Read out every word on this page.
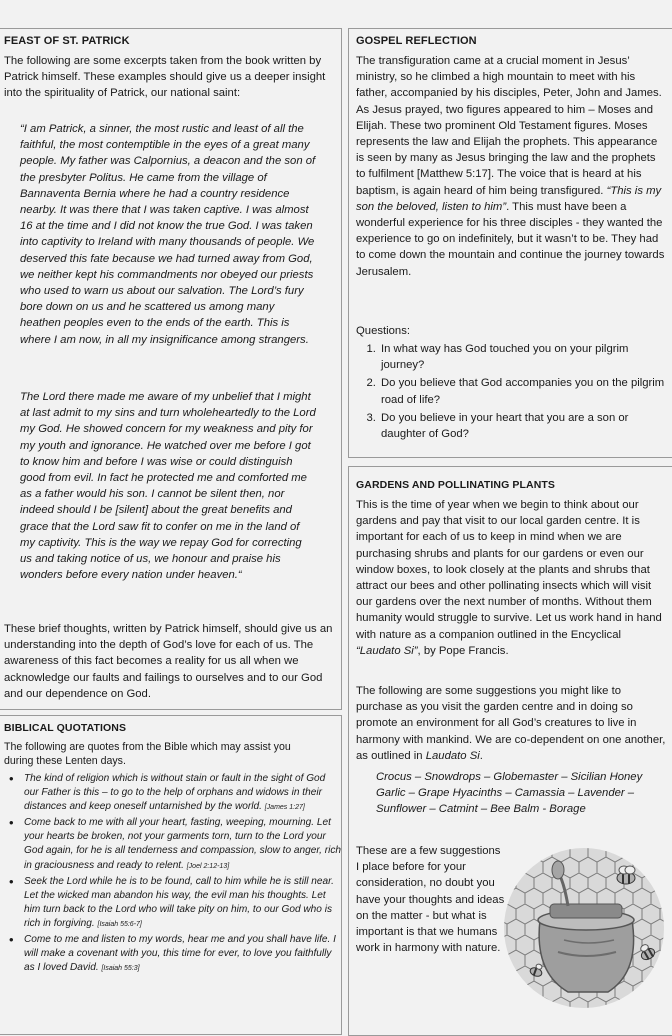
FEAST OF ST. PATRICK

The following are some excerpts taken from the book written by Patrick himself. These examples should give us a deeper insight into the spirituality of Patrick, our national saint:

“I am Patrick, a sinner, the most rustic and least of all the faithful, the most contemptible in the eyes of a great many people. My father was Calpornius, a deacon and the son of the presbyter Politus. He came from the village of Bannaventa Bernia where he had a country residence nearby. It was there that I was taken captive. I was almost 16 at the time and I did not know the true God. I was taken into captivity to Ireland with many thousands of people. We deserved this fate because we had turned away from God, we neither kept his commandments nor obeyed our priests who used to warn us about our salvation. The Lord’s fury bore down on us and he scattered us among many heathen peoples even to the ends of the earth. This is where I am now, in all my insignificance among strangers.

The Lord there made me aware of my unbelief that I might at last admit to my sins and turn wholeheartedly to the Lord my God. He showed concern for my weakness and pity for my youth and ignorance. He watched over me before I got to know him and before I was wise or could distinguish good from evil. In fact he protected me and comforted me as a father would his son. I cannot be silent then, nor indeed should I be [silent] about the great benefits and grace that the Lord saw fit to confer on me in the land of my captivity. This is the way we repay God for correcting us and taking notice of us, we honour and praise his wonders before every nation under heaven.“

These brief thoughts, written by Patrick himself, should give us an understanding into the depth of God’s love for each of us. The awareness of this fact becomes a reality for us all when we acknowledge our faults and failings to ourselves and to our God and our dependence on God.

BIBLICAL QUOTATIONS

The following are quotes from the Bible which may assist you during these Lenten days.

• The kind of religion which is without stain or fault in the sight of God our Father is this – to go to the help of orphans and widows in their distances and keep oneself untarnished by the world. [James 1:27]
• Come back to me with all your heart, fasting, weeping, mourning. Let your hearts be broken, not your garments torn, turn to the Lord your God again, for he is all tenderness and compassion, slow to anger, rich in graciousness and ready to relent. [Joel 2:12-13]
• Seek the Lord while he is to be found, call to him while he is still near. Let the wicked man abandon his way, the evil man his thoughts. Let him turn back to the Lord who will take pity on him, to our God who is rich in forgiving. [Isaiah 55:6-7]
• Come to me and listen to my words, hear me and you shall have life. I will make a covenant with you, this time for ever, to love you faithfully as I loved David. [Isaiah 55:3]
GOSPEL REFLECTION

The transfiguration came at a crucial moment in Jesus’ ministry, so he climbed a high mountain to meet with his father, accompanied by his disciples, Peter, John and James. As Jesus prayed, two figures appeared to him – Moses and Elijah. These two prominent Old Testament figures. Moses represents the law and Elijah the prophets. This appearance is seen by many as Jesus bringing the law and the prophets to fulfilment [Matthew 5:17]. The voice that is heard at his baptism, is again heard of him being transfigured. “This is my son the beloved, listen to him”. This must have been a wonderful experience for his three disciples - they wanted the experience to go on indefinitely, but it wasn’t to be. They had to come down the mountain and continue the journey towards Jerusalem.

Questions:
1. In what way has God touched you on your pilgrim journey?
2. Do you believe that God accompanies you on the pilgrim road of life?
3. Do you believe in your heart that you are a son or daughter of God?
GARDENS AND POLLINATING PLANTS

This is the time of year when we begin to think about our gardens and pay that visit to our local garden centre. It is important for each of us to keep in mind when we are purchasing shrubs and plants for our gardens or even our window boxes, to look closely at the plants and shrubs that attract our bees and other pollinating insects which will visit our gardens over the next number of months. Without them humanity would struggle to survive. Let us work hand in hand with nature as a companion outlined in the Encyclical “Laudato Si”, by Pope Francis.

The following are some suggestions you might like to purchase as you visit the garden centre and in doing so promote an environment for all God’s creatures to live in harmony with mankind. We are co-dependent on one another, as outlined in Laudato Si.

Crocus – Snowdrops – Globemaster – Sicilian Honey Garlic – Grape Hyacinths – Camassia – Lavender – Sunflower – Catmint – Bee Balm - Borage

These are a few suggestions I place before for your consideration, no doubt you have your thoughts and ideas on the matter - but what is important is that we humans work in harmony with nature.
